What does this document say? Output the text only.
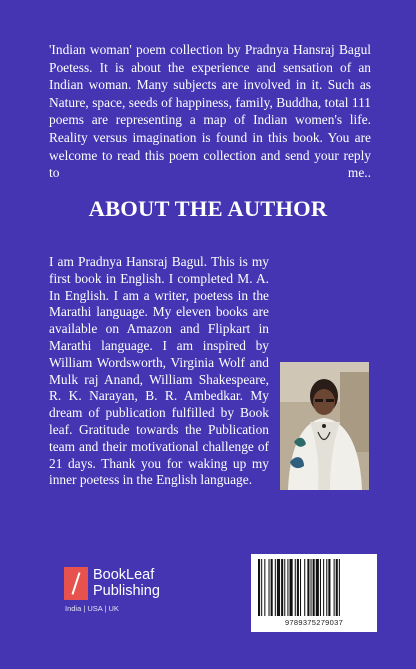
'Indian woman' poem collection by Pradnya Hansraj Bagul Poetess. It is about the experience and sensation of an Indian woman. Many subjects are involved in it. Such as Nature, space, seeds of happiness, family, Buddha, total 111 poems are representing a map of Indian women's life. Reality versus imagination is found in this book. You are welcome to read this poem collection and send your reply to me..

ABOUT THE AUTHOR

I am Pradnya Hansraj Bagul. This is my first book in English. I completed M. A. In English. I am a writer, poetess in the Marathi language. My eleven books are available on Amazon and Flipkart in Marathi language. I am inspired by William Wordsworth, Virginia Wolf and Mulk raj Anand, William Shakespeare, R. K. Narayan, B. R. Ambedkar. My dream of publication fulfilled by Book leaf. Gratitude towards the Publication team and their motivational challenge of 21 days. Thank you for waking up my inner poetess in the English language.

BookLeaf
Publishing
India | USA | UK
9789375279037
